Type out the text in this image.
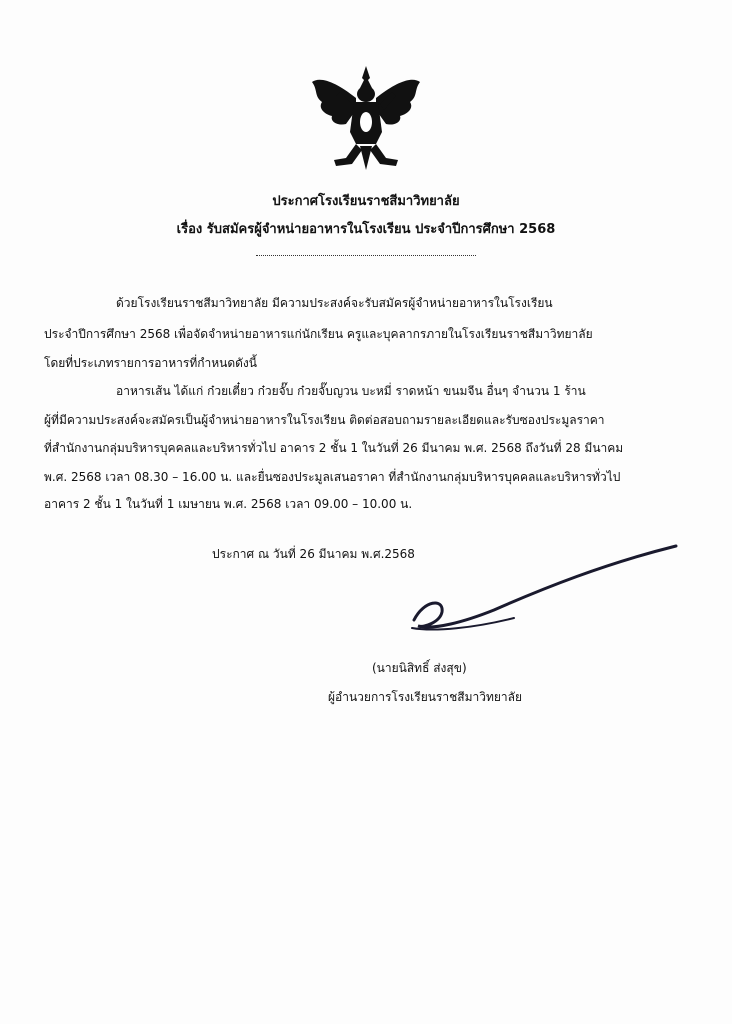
ประกาศโรงเรียนราชสีมาวิทยาลัย
เรื่อง รับสมัครผู้จำหน่ายอาหารในโรงเรียน ประจำปีการศึกษา 2568
ด้วยโรงเรียนราชสีมาวิทยาลัย มีความประสงค์จะรับสมัครผู้จำหน่ายอาหารในโรงเรียน
ประจำปีการศึกษา 2568 เพื่อจัดจำหน่ายอาหารแก่นักเรียน ครูและบุคลากรภายในโรงเรียนราชสีมาวิทยาลัย
โดยที่ประเภทรายการอาหารที่กำหนดดังนี้
อาหารเส้น ได้แก่ ก๋วยเตี๋ยว ก๋วยจั๊บ ก๋วยจั๊บญวน บะหมี่ ราดหน้า ขนมจีน อื่นๆ จำนวน 1 ร้าน
ผู้ที่มีความประสงค์จะสมัครเป็นผู้จำหน่ายอาหารในโรงเรียน ติดต่อสอบถามรายละเอียดและรับซองประมูลราคา
ที่สำนักงานกลุ่มบริหารบุคคลและบริหารทั่วไป อาคาร 2 ชั้น 1 ในวันที่ 26 มีนาคม พ.ศ. 2568 ถึงวันที่ 28 มีนาคม
พ.ศ. 2568 เวลา 08.30 – 16.00 น. และยื่นซองประมูลเสนอราคา ที่สำนักงานกลุ่มบริหารบุคคลและบริหารทั่วไป
อาคาร 2 ชั้น 1 ในวันที่ 1 เมษายน พ.ศ. 2568 เวลา 09.00 – 10.00 น.
ประกาศ ณ วันที่ 26 มีนาคม พ.ศ.2568
(นายนิสิทธิ์ ส่งสุข)
ผู้อำนวยการโรงเรียนราชสีมาวิทยาลัย
